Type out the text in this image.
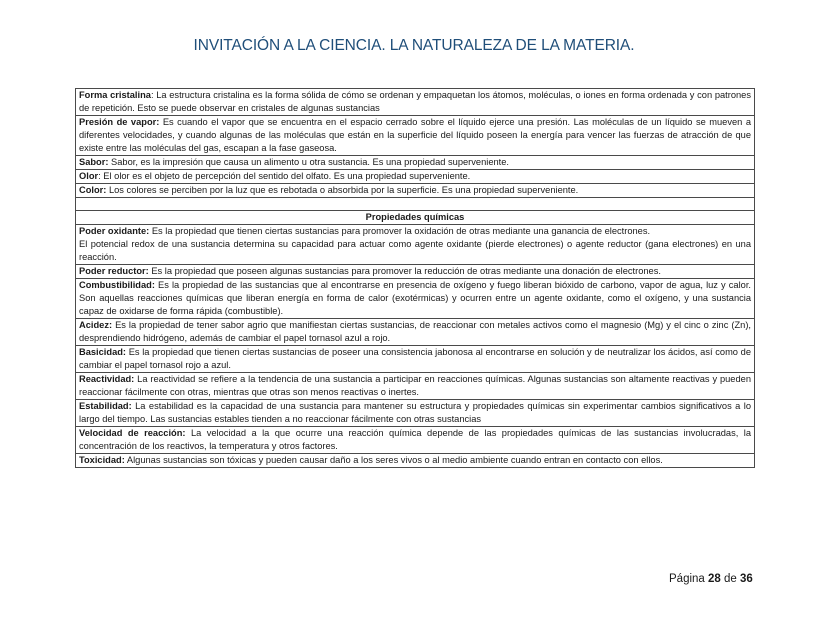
INVITACIÓN A LA CIENCIA. LA NATURALEZA DE LA MATERIA.
Forma cristalina: La estructura cristalina es la forma sólida de cómo se ordenan y empaquetan los átomos, moléculas, o iones en forma ordenada y con patrones de repetición. Esto se puede observar en cristales de algunas sustancias
Presión de vapor: Es cuando el vapor que se encuentra en el espacio cerrado sobre el líquido ejerce una presión. Las moléculas de un líquido se mueven a diferentes velocidades, y cuando algunas de las moléculas que están en la superficie del líquido poseen la energía para vencer las fuerzas de atracción de que existe entre las moléculas del gas, escapan a la fase gaseosa.
Sabor: Sabor, es la impresión que causa un alimento u otra sustancia. Es una propiedad superveniente.
Olor: El olor es el objeto de percepción del sentido del olfato. Es una propiedad superveniente.
Color: Los colores se perciben por la luz que es rebotada o absorbida por la superficie. Es una propiedad superveniente.

Propiedades químicas
Poder oxidante: Es la propiedad que tienen ciertas sustancias para promover la oxidación de otras mediante una ganancia de electrones.
El potencial redox de una sustancia determina su capacidad para actuar como agente oxidante (pierde electrones) o agente reductor (gana electrones) en una reacción.

Poder reductor: Es la propiedad que poseen algunas sustancias para promover la reducción de otras mediante una donación de electrones.
Combustibilidad: Es la propiedad de las sustancias que al encontrarse en presencia de oxígeno y fuego liberan bióxido de carbono, vapor de agua, luz y calor. Son aquellas reacciones químicas que liberan energía en forma de calor (exotérmicas) y ocurren entre un agente oxidante, como el oxígeno, y una sustancia capaz de oxidarse de forma rápida (combustible).
Acidez: Es la propiedad de tener sabor agrio que manifiestan ciertas sustancias, de reaccionar con metales activos como el magnesio (Mg) y el cinc o zinc (Zn), desprendiendo hidrógeno, además de cambiar el papel tornasol azul a rojo.
Basicidad: Es la propiedad que tienen ciertas sustancias de poseer una consistencia jabonosa al encontrarse en solución y de neutralizar los ácidos, así como de cambiar el papel tornasol rojo a azul.
Reactividad: La reactividad se refiere a la tendencia de una sustancia a participar en reacciones químicas. Algunas sustancias son altamente reactivas y pueden reaccionar fácilmente con otras, mientras que otras son menos reactivas o inertes.
Estabilidad: La estabilidad es la capacidad de una sustancia para mantener su estructura y propiedades químicas sin experimentar cambios significativos a lo largo del tiempo. Las sustancias estables tienden a no reaccionar fácilmente con otras sustancias
Velocidad de reacción: La velocidad a la que ocurre una reacción química depende de las propiedades químicas de las sustancias involucradas, la concentración de los reactivos, la temperatura y otros factores.
Toxicidad: Algunas sustancias son tóxicas y pueden causar daño a los seres vivos o al medio ambiente cuando entran en contacto con ellos.
Página 28 de 36
